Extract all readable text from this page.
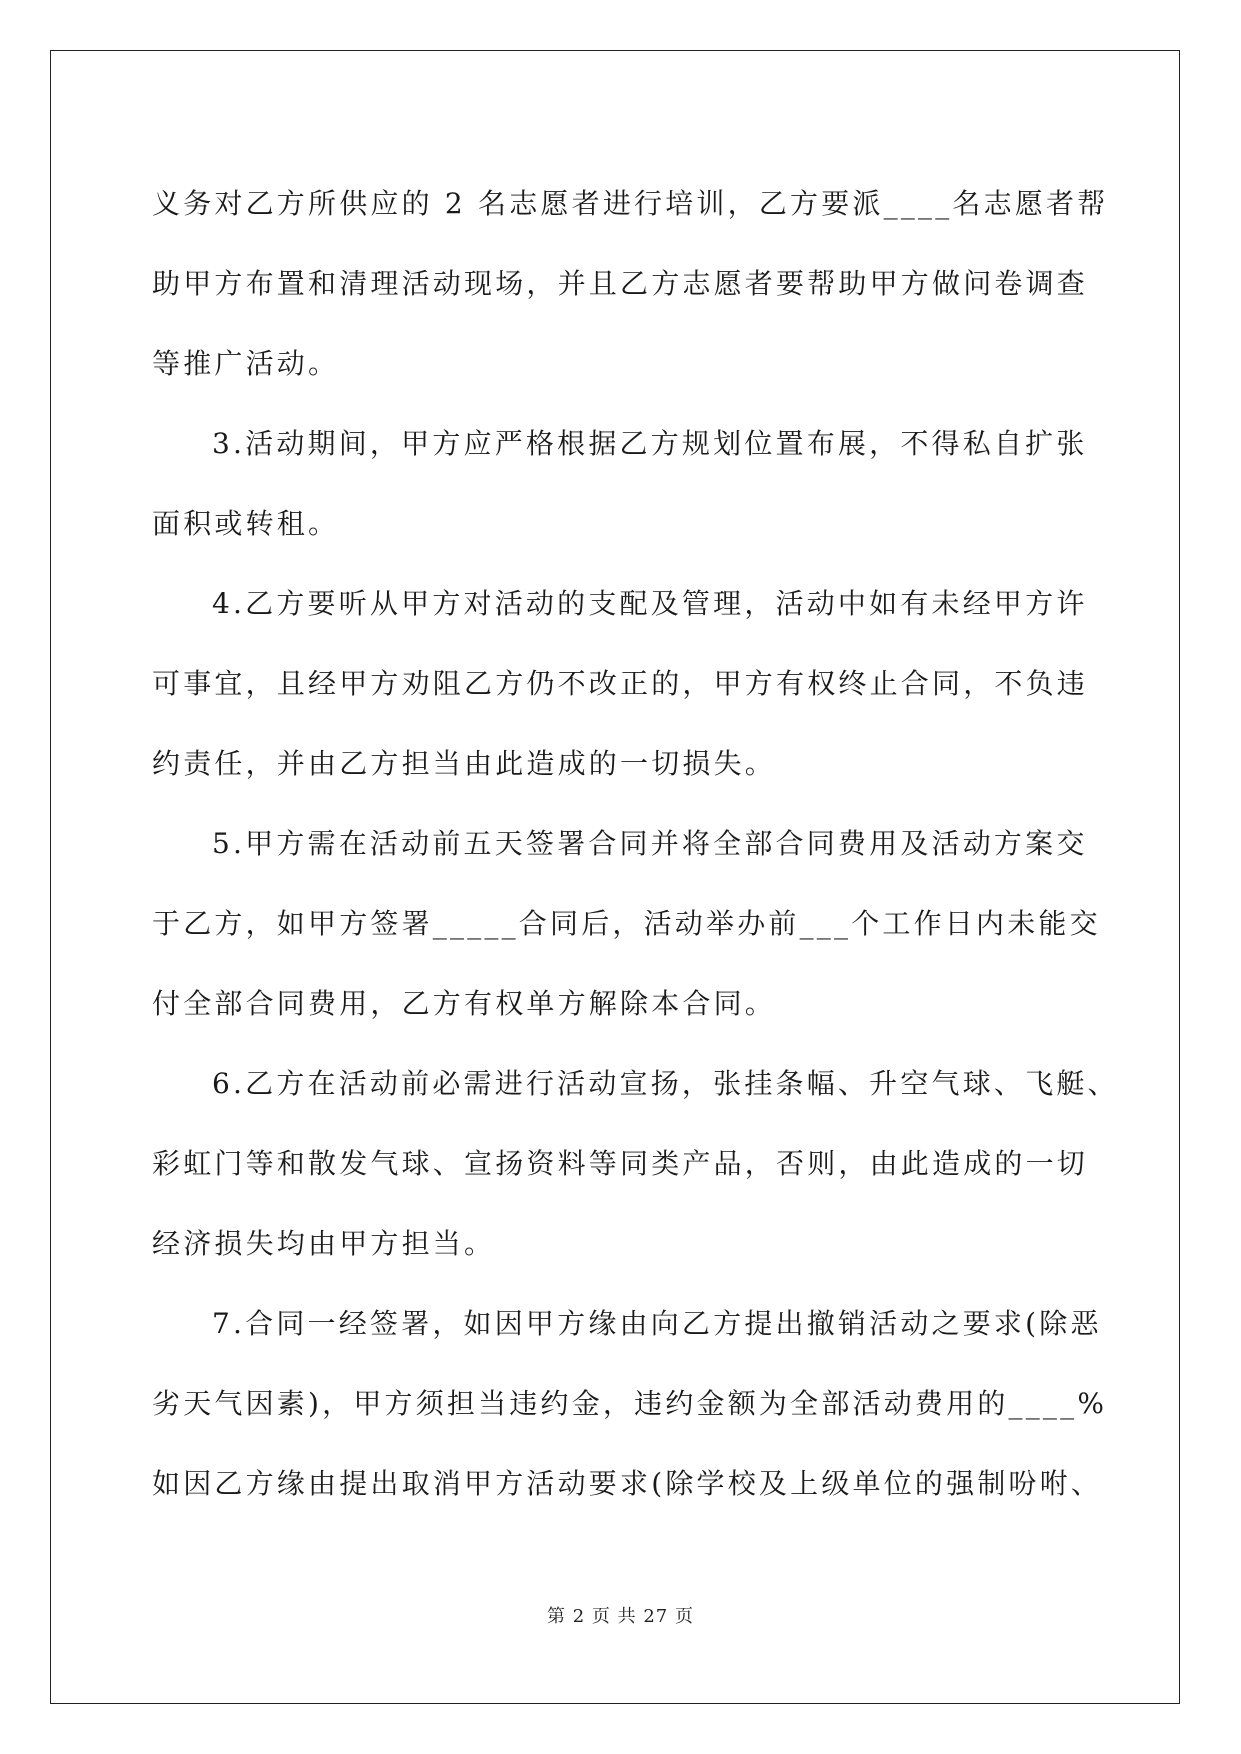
义务对乙方所供应的 2 名志愿者进行培训，乙方要派____名志愿者帮
助甲方布置和清理活动现场，并且乙方志愿者要帮助甲方做问卷调查
等推广活动。
3.活动期间，甲方应严格根据乙方规划位置布展，不得私自扩张
面积或转租。
4.乙方要听从甲方对活动的支配及管理，活动中如有未经甲方许
可事宜，且经甲方劝阻乙方仍不改正的，甲方有权终止合同，不负违
约责任，并由乙方担当由此造成的一切损失。
5.甲方需在活动前五天签署合同并将全部合同费用及活动方案交
于乙方，如甲方签署_____合同后，活动举办前___个工作日内未能交
付全部合同费用，乙方有权单方解除本合同。
6.乙方在活动前必需进行活动宣扬，张挂条幅、升空气球、飞艇、
彩虹门等和散发气球、宣扬资料等同类产品，否则，由此造成的一切
经济损失均由甲方担当。
7.合同一经签署，如因甲方缘由向乙方提出撤销活动之要求(除恶
劣天气因素)，甲方须担当违约金，违约金额为全部活动费用的____%
如因乙方缘由提出取消甲方活动要求(除学校及上级单位的强制吩咐、
第 2 页 共 27 页
